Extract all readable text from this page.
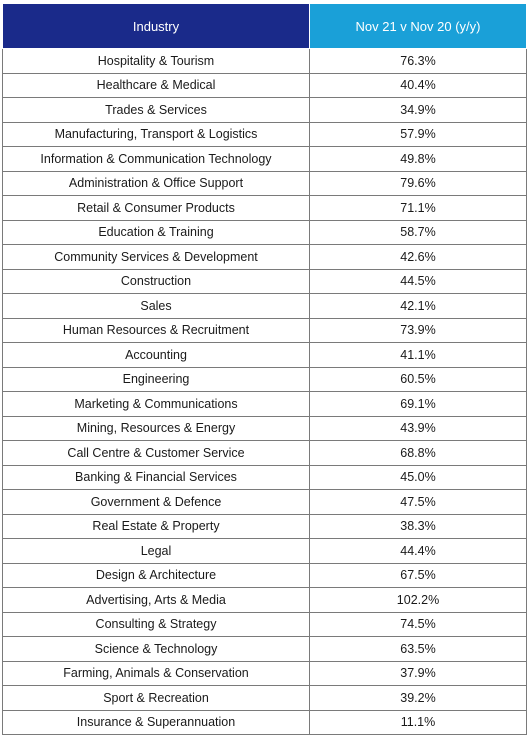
Industry	Nov 21 v Nov 20 (y/y)
Hospitality & Tourism	76.3%
Healthcare & Medical	40.4%
Trades & Services	34.9%
Manufacturing, Transport & Logistics	57.9%
Information & Communication Technology	49.8%
Administration & Office Support	79.6%
Retail & Consumer Products	71.1%
Education & Training	58.7%
Community Services & Development	42.6%
Construction	44.5%
Sales	42.1%
Human Resources & Recruitment	73.9%
Accounting	41.1%
Engineering	60.5%
Marketing & Communications	69.1%
Mining, Resources & Energy	43.9%
Call Centre & Customer Service	68.8%
Banking & Financial Services	45.0%
Government & Defence	47.5%
Real Estate & Property	38.3%
Legal	44.4%
Design & Architecture	67.5%
Advertising, Arts & Media	102.2%
Consulting & Strategy	74.5%
Science & Technology	63.5%
Farming, Animals & Conservation	37.9%
Sport & Recreation	39.2%
Insurance & Superannuation	11.1%
